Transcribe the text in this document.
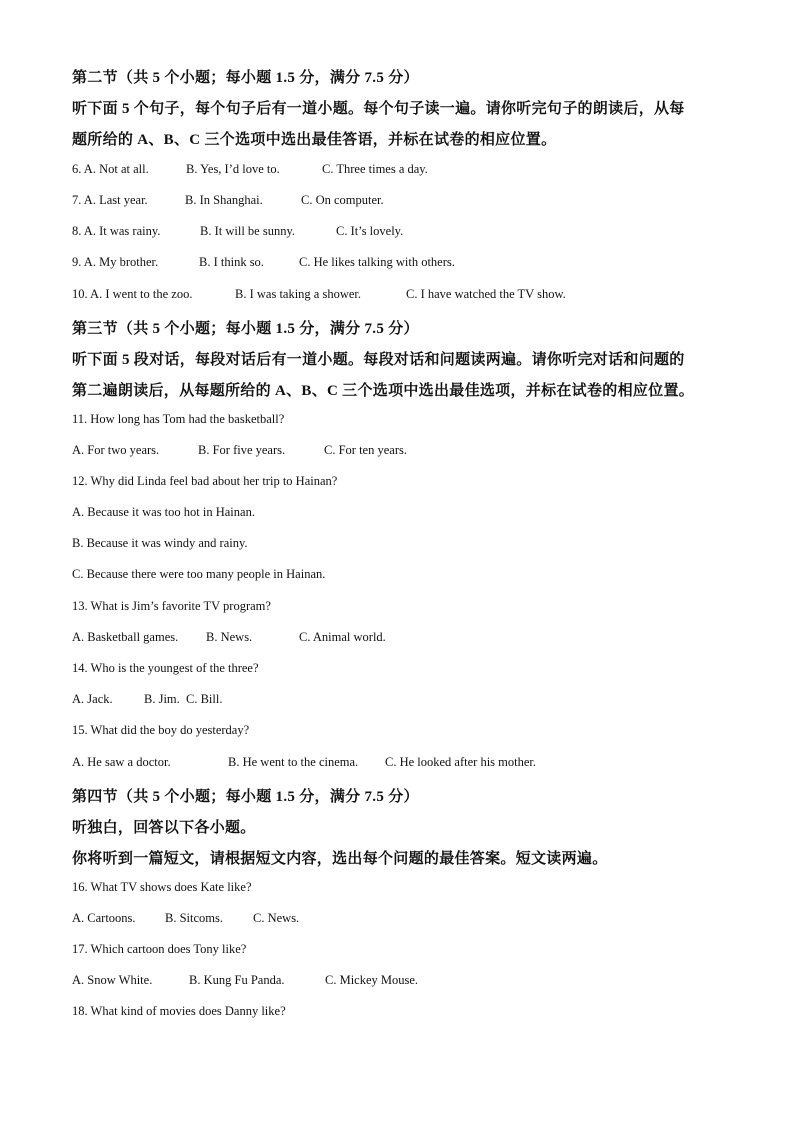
第二节（共 5 个小题；每小题 1.5 分，满分 7.5 分）
听下面 5 个句子，每个句子后有一道小题。每个句子读一遍。请你听完句子的朗读后，从每
题所给的 A、B、C 三个选项中选出最佳答语，并标在试卷的相应位置。
6. A. Not at all.	B. Yes, I’d love to.	C. Three times a day.
7. A. Last year.	B. In Shanghai.	C. On computer.
8. A. It was rainy.	B. It will be sunny.	C. It’s lovely.
9. A. My brother.	B. I think so.	C. He likes talking with others.
10. A. I went to the zoo.	B. I was taking a shower.	C. I have watched the TV show.
第三节（共 5 个小题；每小题 1.5 分，满分 7.5 分）
听下面 5 段对话，每段对话后有一道小题。每段对话和问题读两遍。请你听完对话和问题的
第二遍朗读后，从每题所给的 A、B、C 三个选项中选出最佳选项，并标在试卷的相应位置。
11. How long has Tom had the basketball?
A. For two years.	B. For five years.	C. For ten years.
12. Why did Linda feel bad about her trip to Hainan?
A. Because it was too hot in Hainan.
B. Because it was windy and rainy.
C. Because there were too many people in Hainan.
13. What is Jim’s favorite TV program?
A. Basketball games. B. News.	C. Animal world.
14. Who is the youngest of the three?
A. Jack.	B. Jim. C. Bill.
15. What did the boy do yesterday?
A. He saw a doctor.	B. He went to the cinema. C. He looked after his mother.
第四节（共 5 个小题；每小题 1.5 分，满分 7.5 分）
听独白，回答以下各小题。
你将听到一篇短文，请根据短文内容，选出每个问题的最佳答案。短文读两遍。
16. What TV shows does Kate like?
A. Cartoons. B. Sitcoms. C. News.
17. Which cartoon does Tony like?
A. Snow White.	B. Kung Fu Panda.	C. Mickey Mouse.
18. What kind of movies does Danny like?
